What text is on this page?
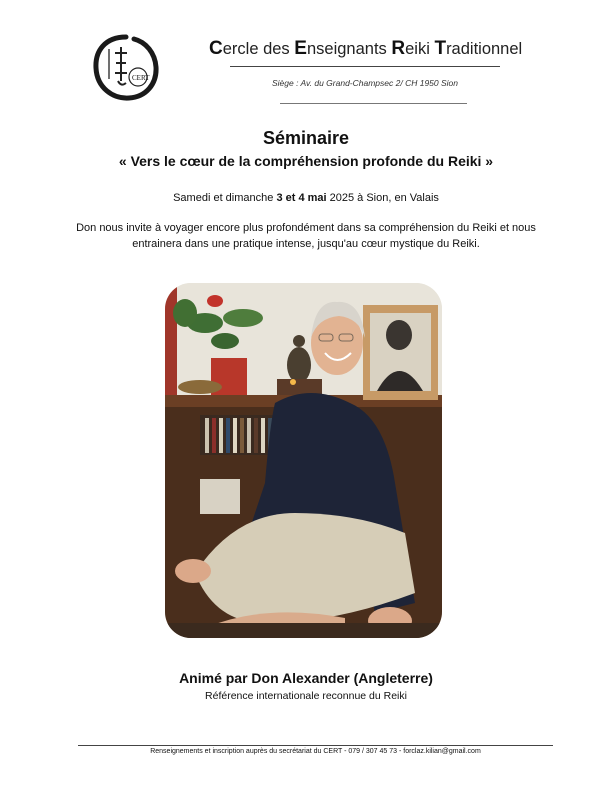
CERT
Cercle des Enseignants Reiki Traditionnel
Siège : Av. du Grand-Champsec 2/ CH 1950 Sion
Séminaire
« Vers le cœur de la compréhension profonde du Reiki »
Samedi et dimanche 3 et 4 mai 2025 à Sion, en Valais
Don nous invite à voyager encore plus profondément dans sa compréhension du Reiki et nous
entrainera dans une pratique intense, jusqu'au cœur mystique du Reiki.
Animé par Don Alexander (Angleterre)
Référence internationale reconnue du Reiki
Renseignements et inscription auprès du secrétariat du CERT - 079 / 307 45 73 - forclaz.kilian@gmail.com
